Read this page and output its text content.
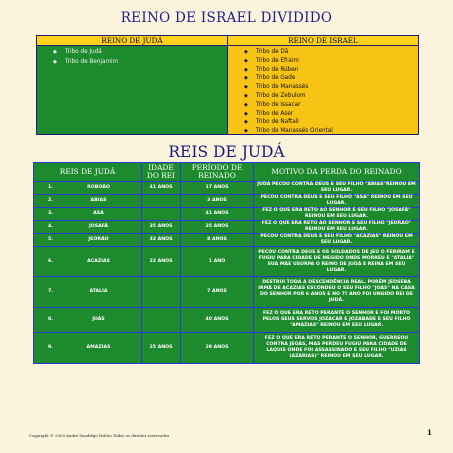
REINO DE ISRAEL DIVIDIDO
REINO DE JUDÁ
◆ Tribo de Judá
◆ Tribo de Benjamim
REINO DE ISRAEL
◆ Tribo de Dã
◆ Tribo de Efraim
◆ Tribo de Rúben
◆ Tribo de Gade
◆ Tribo de Manassés
◆ Tribo de Zebulom
◆ Tribo de Issacar
◆ Tribo de Aser
◆ Tribo de Naftali
◆ Tribo de Manassés Oriental
REIS DE JUDÁ
REIS DE JUDÁ	IDADE DO REI	PERÍODO DE REINADO	MOTIVO DA PERDA DO REINADO

1. ROBOÃO	41 ANOS	17 ANOS	JUDÁ PECOU CONTRA DEUS E SEU FILHO "ABIAS"REINOU EM SEU LUGAR.

2. ABIAS		3 ANOS	PECOU CONTRA DEUS E SEU FILHO "ASA" REINOU EM SEU LUGAR.

3. ASA		41 ANOS	FEZ O QUE ERA RETO AO SENHOR E SEU FILHO "JOSAFÁ" REINOU EM SEU LUGAR.

4. JOSAFÁ	35 ANOS	25 ANOS	FEZ O QUE ERA RETO AO SENHOR E SEU FILHO "JEORÃO" REINOU EM SEU LUGAR.

5. JEORÃO	32 ANOS	8 ANOS	PECOU CONTRA DEUS E SEU FILHO "ACAZIAS" REINOU EM SEU LUGAR.

6. ACAZIAS	22 ANOS	1 ANO	PECOU CONTRA DEUS E OS SOLDADOS DE JEÚ O FERIRAM E FUGIU PARA CIDADE DE MEGIDO ONDE MORREU E "ATALIA" SUA MÃE USURPA O REINO DE JUDÁ E REINA EM SEU LUGAR.

7. ATALIA		7 ANOS	DESTRUI TODA A DESCENDÊNCIA REAL, PORÉM JEOSEBA IRMÃ DE ACAZIAS ESCONDEU O SEU FILHO "JOÁS" NA CASA DO SENHOR POR 6 ANOS E NO 7º ANO FOI UNGIDO REI DE JUDÁ.

8. JOÁS		40 ANOS	FEZ O QUE ERA RETO PERANTE O SENHOR E FOI MORTO PELOS SEUS SERVOS JOZACAR E JOZABADE E SEU FILHO "AMAZIAS" REINOU EM SEU LUGAR.

9. AMAZIAS	25 ANOS	29 ANOS	FEZ O QUE ERA RETO PERANTE O SENHOR, GUERREOU CONTRA JEOÁS, MAS PERDEU FUGIU PARA CIDADE DE LAQUIS ONDE FOI ASSASSINADO E SEU FILHO "UZIAS (AZARIAS)" REINOU EM SEU LUGAR.
Copyright © 2009 André Sandiêgo Falcão Todos os direitos reservados	1
